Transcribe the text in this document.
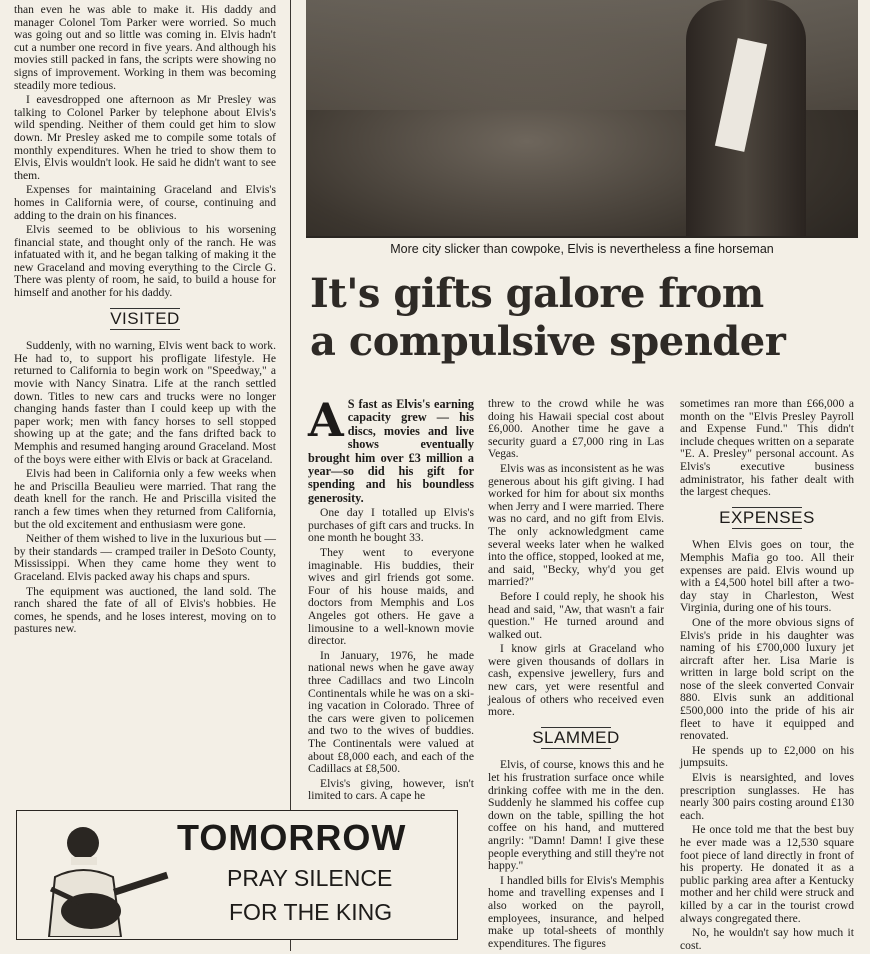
than even he was able to make it. His daddy and manager Colonel Tom Parker were worried. So much was going out and so little was coming in. Elvis hadn't cut a number one record in five years. And although his movies still packed in fans, the scripts were showing no signs of improvement. Working in them was becoming steadily more tedious.

I eavesdropped one afternoon as Mr Presley was talking to Colonel Parker by telephone about Elvis's wild spending. Neither of them could get him to slow down. Mr Presley asked me to compile some totals of monthly expenditures. When he tried to show them to Elvis, Elvis wouldn't look. He said he didn't want to see them.

Expenses for maintaining Graceland and Elvis's homes in California were, of course, continuing and adding to the drain on his finances.

Elvis seemed to be oblivious to his worsening financial state, and thought only of the ranch. He was infatuated with it, and he began talking of making it the new Graceland and moving everything to the Circle G. There was plenty of room, he said, to build a house for himself and another for his daddy.

VISITED

Suddenly, with no warning, Elvis went back to work. He had to, to support his profligate lifestyle. He returned to California to begin work on "Speedway," a movie with Nancy Sinatra. Life at the ranch settled down. Titles to new cars and trucks were no longer changing hands faster than I could keep up with the paper work; men with fancy horses to sell stopped showing up at the gate; and the fans drifted back to Memphis and resumed hanging around Graceland. Most of the boys were either with Elvis or back at Graceland.

Elvis had been in California only a few weeks when he and Priscilla Beaulieu were married. That rang the death knell for the ranch. He and Priscilla visited the ranch a few times when they returned from California, but the old excitement and enthusiasm were gone.

Neither of them wished to live in the luxurious but — by their standards — cramped trailer in DeSoto County, Mississippi. When they came home they went to Graceland. Elvis packed away his chaps and spurs.

The equipment was auctioned, the land sold. The ranch shared the fate of all of Elvis's hobbies. He comes, he spends, and he loses interest, moving on to pastures new.

More city slicker than cowpoke, Elvis is nevertheless a fine horseman
It's gifts galore from
a compulsive spender

A S fast as Elvis's earning capacity grew — his discs, movies and live shows eventually brought him over £3 million a year—so did his gift for spending and his boundless generosity.

One day I totalled up Elvis's purchases of gift cars and trucks. In one month he bought 33.

They went to everyone imaginable. His buddies, their wives and girl friends got some. Four of his house maids, and doctors from Memphis and Los Angeles got others. He gave a limousine to a well-known movie director.

In January, 1976, he made national news when he gave away three Cadillacs and two Lincoln Continentals while he was on a ski-ing vacation in Colorado. Three of the cars were given to policemen and two to the wives of buddies. The Continentals were valued at about £8,000 each, and each of the Cadillacs at £8,500.

Elvis's giving, however, isn't limited to cars. A cape he

threw to the crowd while he was doing his Hawaii special cost about £6,000. Another time he gave a security guard a £7,000 ring in Las Vegas.

Elvis was as inconsistent as he was generous about his gift giving. I had worked for him for about six months when Jerry and I were married. There was no card, and no gift from Elvis. The only acknowledgment came several weeks later when he walked into the office, stopped, looked at me, and said, "Becky, why'd you get married?"

Before I could reply, he shook his head and said, "Aw, that wasn't a fair question." He turned around and walked out.

I know girls at Graceland who were given thousands of dollars in cash, expensive jewellery, furs and new cars, yet were resentful and jealous of others who received even more.

SLAMMED

Elvis, of course, knows this and he let his frustration surface once while drinking coffee with me in the den. Suddenly he slammed his coffee cup down on the table, spilling the hot coffee on his hand, and muttered angrily: "Damn! Damn! I give these people everything and still they're not happy."

I handled bills for Elvis's Memphis home and travelling expenses and I also worked on the payroll, employees, insurance, and helped make up total-sheets of monthly expenditures. The figures

sometimes ran more than £66,000 a month on the "Elvis Presley Payroll and Expense Fund." This didn't include cheques written on a separate "E. A. Presley" personal account. As Elvis's executive business administrator, his father dealt with the largest cheques.

EXPENSES

When Elvis goes on tour, the Memphis Mafia go too. All their expenses are paid. Elvis wound up with a £4,500 hotel bill after a two-day stay in Charleston, West Virginia, during one of his tours.

One of the more obvious signs of Elvis's pride in his daughter was naming of his £700,000 luxury jet aircraft after her. Lisa Marie is written in large bold script on the nose of the sleek converted Convair 880. Elvis sunk an additional £500,000 into the pride of his air fleet to have it equipped and renovated.

He spends up to £2,000 on his jumpsuits.

Elvis is nearsighted, and loves prescription sunglasses. He has nearly 300 pairs costing around £130 each.

He once told me that the best buy he ever made was a 12,530 square foot piece of land directly in front of his property. He donated it as a public parking area after a Kentucky mother and her child were struck and killed by a car in the tourist crowd always congregated there.

No, he wouldn't say how much it cost.

TOMORROW
PRAY SILENCE
FOR THE KING
